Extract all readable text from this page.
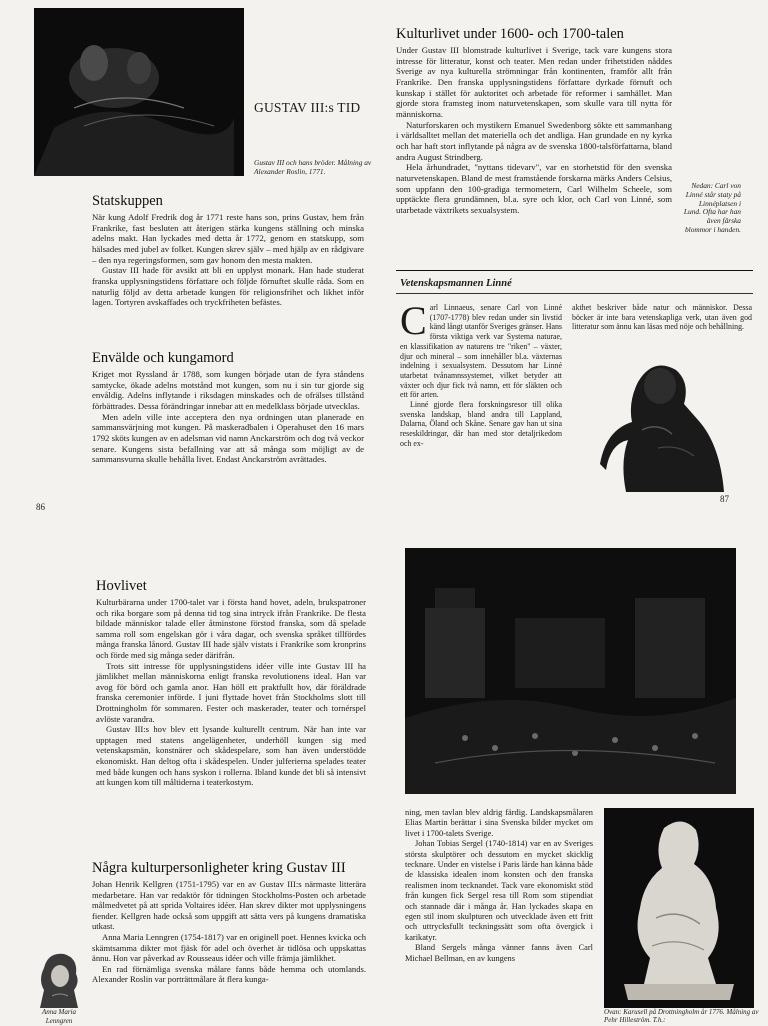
GUSTAV III:s TID
Gustav III och hans bröder. Målning av Alexander Roslin, 1771.
Statskuppen

När kung Adolf Fredrik dog år 1771 reste hans son, prins Gustav, hem från Frankrike, fast besluten att återigen stärka kungens ställning och minska adelns makt. Han lyckades med detta år 1772, genom en statskupp, som hälsades med jubel av folket. Kungen skrev själv – med hjälp av en rådgivare – den nya regeringsformen, som gav honom den mesta makten.

Gustav III hade för avsikt att bli en upplyst monark. Han hade studerat franska upplysningstidens författare och följde förnuftet skulle råda. Som en naturlig följd av detta arbetade kungen för religionsfrihet och likhet inför lagen. Tortyren avskaffades och tryckfriheten befästes.

Envälde och kungamord

Kriget mot Ryssland år 1788, som kungen började utan de fyra ståndens samtycke, ökade adelns motstånd mot kungen, som nu i sin tur gjorde sig envåldig. Adelns inflytande i riksdagen minskades och de ofrälses tillstånd förbättrades. Dessa förändringar innebar att en medelklass började utvecklas.

Men adeln ville inte acceptera den nya ordningen utan planerade en sammansvärjning mot kungen. På maskeradbalen i Operahuset den 16 mars 1792 sköts kungen av en adelsman vid namn Anckarström och dog två veckor senare. Kungens sista befallning var att så många som möjligt av de sammansvurna skulle behålla livet. Endast Anckarström avrättades.

86
Kulturlivet under 1600- och 1700-talen

Under Gustav III blomstrade kulturlivet i Sverige, tack vare kungens stora intresse för litteratur, konst och teater. Men redan under frihetstiden nåddes Sverige av nya kulturella strömningar från kontinenten, framför allt från Frankrike. Den franska upplysningstidens författare dyrkade förnuft och kunskap i stället för auktoritet och arbetade för reformer i samhället. Man gjorde stora framsteg inom naturvetenskapen, som skulle vara till nytta för människorna.

Naturforskaren och mystikern Emanuel Swedenborg sökte ett sammanhang i världsalltet mellan det materiella och det andliga. Han grundade en ny kyrka och har haft stort inflytande på några av de svenska 1800-talsförfattarna, bland andra August Strindberg.

Hela århundradet, "nyttans tidevarv", var en storhetstid för den svenska naturvetenskapen. Bland de mest framstående forskarna märks Anders Celsius, som uppfann den 100-gradiga termometern, Carl Wilhelm Scheele, som upptäckte flera grundämnen, bl.a. syre och klor, och Carl von Linné, som utarbetade växtrikets sexualsystem.

Nedan: Carl von Linné står staty på Linnéplatsen i Lund. Ofta har han även färska blommor i handen.
Vetenskapsmannen Linné
C arl Linnaeus, senare Carl von Linné (1707-1778) blev redan under sin livstid känd långt utanför Sveriges gränser. Hans första viktiga verk var Systema naturae, en klassifikation av naturens tre "riken" – växter, djur och mineral – som innehåller bl.a. växternas indelning i sexualsystem. Dessutom har Linné utarbetat tvånamnssystemet, vilket betyder att växter och djur fick två namn, ett för släkten och ett för arten.

Linné gjorde flera forskningsresor till olika svenska landskap, bland andra till Lappland, Dalarna, Öland och Skåne. Senare gav han ut sina reseskildringar, där han med stor detaljrikedom och ex-

akthet beskriver både natur och människor. Dessa böcker är inte bara vetenskapliga verk, utan även god litteratur som ännu kan läsas med nöje och behållning.

87
Hovlivet

Kulturbärarna under 1700-talet var i första hand hovet, adeln, brukspatroner och rika borgare som på denna tid tog sina intryck ifrån Frankrike. De flesta bildade människor talade eller åtminstone förstod franska, som då spelade samma roll som engelskan gör i våra dagar, och svenska språket tillfördes många franska lånord. Gustav III hade själv vistats i Frankrike som kronprins och förde med sig många seder därifrån.

Trots sitt intresse för upplysningstidens idéer ville inte Gustav III ha jämlikhet mellan människorna enligt franska revolutionens ideal. Han var avog för börd och gamla anor. Han höll ett praktfullt hov, där föräldrade franska ceremonier införde. I juni flyttade hovet från Stockholms slott till Drottningholm för sommaren. Fester och maskerader, teater och tornérspel avlöste varandra.

Gustav III:s hov blev ett lysande kulturellt centrum. När han inte var upptagen med statens angelägenheter, underhöll kungen sig med vetenskapsmän, konstnärer och skådespelare, som han även understödde ekonomiskt. Han deltog ofta i skådespelen. Under julferierna spelades teater med både kungen och hans syskon i rollerna. Ibland kunde det bli så intensivt att kungen kom till måltiderna i teaterkostym.

Några kulturpersonligheter kring Gustav III

Johan Henrik Kellgren (1751-1795) var en av Gustav III:s närmaste litterära medarbetare. Han var redaktör för tidningen Stockholms-Posten och arbetade målmedvetet på att sprida Voltaires idéer. Han skrev dikter mot upplysningens fiender. Kellgren hade också som uppgift att sätta vers på kungens dramatiska utkast.

Anna Maria Lenngren (1754-1817) var en originell poet. Hennes kvicka och skämtsamma dikter mot fjäsk för adel och överhet är tidlösa och uppskattas ännu. Hon var påverkad av Rousseaus idéer och ville främja jämlikhet.

En rad förnämliga svenska målare fanns både hemma och utomlands. Alexander Roslin var porträttmålare åt flera kunga-

Anna Maria Lenngren

ning, men tavlan blev aldrig färdig. Landskapsmålaren Elias Martin berättar i sina Svenska bilder mycket om livet i 1700-talets Sverige.

Johan Tobias Sergel (1740-1814) var en av Sveriges största skulptörer och dessutom en mycket skicklig tecknare. Under en vistelse i Paris lärde han känna både de klassiska idealen inom konsten och den franska realismen inom tecknandet. Tack vare ekonomiskt stöd från kungen fick Sergel resa till Rom som stipendiat och stannade där i många år. Han lyckades skapa en egen stil inom skulpturen och utvecklade även ett fritt och uttrycksfullt teckningssätt som ofta övergick i karikatyr.

Bland Sergels många vänner fanns även Carl Michael Bellman, en av kungens

Ovan: Karusell på Drottningholm år 1776. Målning av Pehr Hilleström. T.h.:
